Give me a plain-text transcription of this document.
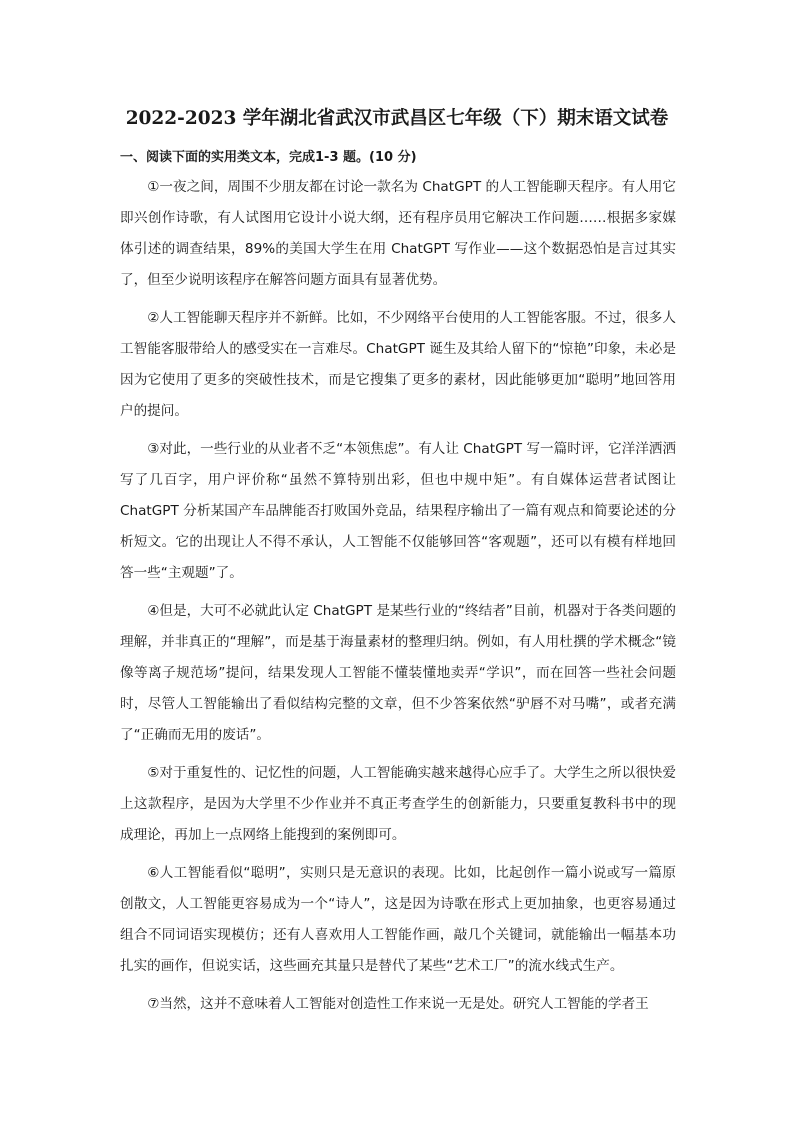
2022-2023 学年湖北省武汉市武昌区七年级（下）期末语文试卷
一、阅读下面的实用类文本，完成1-3 题。(10 分)

①一夜之间，周围不少朋友都在讨论一款名为 ChatGPT 的人工智能聊天程序。有人用它即兴创作诗歌，有人试图用它设计小说大纲，还有程序员用它解决工作问题……根据多家媒体引述的调查结果，89%的美国大学生在用 ChatGPT 写作业——这个数据恐怕是言过其实了，但至少说明该程序在解答问题方面具有显著优势。

②人工智能聊天程序并不新鲜。比如，不少网络平台使用的人工智能客服。不过，很多人工智能客服带给人的感受实在一言难尽。ChatGPT 诞生及其给人留下的“惊艳”印象，未必是因为它使用了更多的突破性技术，而是它搜集了更多的素材，因此能够更加“聪明”地回答用户的提问。

③对此，一些行业的从业者不乏“本领焦虑”。有人让 ChatGPT 写一篇时评，它洋洋洒洒写了几百字，用户评价称“虽然不算特别出彩，但也中规中矩”。有自媒体运营者试图让 ChatGPT 分析某国产车品牌能否打败国外竞品，结果程序输出了一篇有观点和简要论述的分析短文。它的出现让人不得不承认，人工智能不仅能够回答“客观题”，还可以有模有样地回答一些“主观题”了。

④但是，大可不必就此认定 ChatGPT 是某些行业的“终结者”目前，机器对于各类问题的理解，并非真正的“理解”，而是基于海量素材的整理归纳。例如，有人用杜撰的学术概念“镜像等离子规范场”提问，结果发现人工智能不懂装懂地卖弄“学识”，而在回答一些社会问题时，尽管人工智能输出了看似结构完整的文章，但不少答案依然“驴唇不对马嘴”，或者充满了“正确而无用的废话”。

⑤对于重复性的、记忆性的问题，人工智能确实越来越得心应手了。大学生之所以很快爱上这款程序，是因为大学里不少作业并不真正考查学生的创新能力，只要重复教科书中的现成理论，再加上一点网络上能搜到的案例即可。

⑥人工智能看似“聪明”，实则只是无意识的表现。比如，比起创作一篇小说或写一篇原创散文，人工智能更容易成为一个“诗人”，这是因为诗歌在形式上更加抽象，也更容易通过组合不同词语实现模仿；还有人喜欢用人工智能作画，敲几个关键词，就能输出一幅基本功扎实的画作，但说实话，这些画充其量只是替代了某些“艺术工厂”的流水线式生产。

⑦当然，这并不意味着人工智能对创造性工作来说一无是处。研究人工智能的学者王
